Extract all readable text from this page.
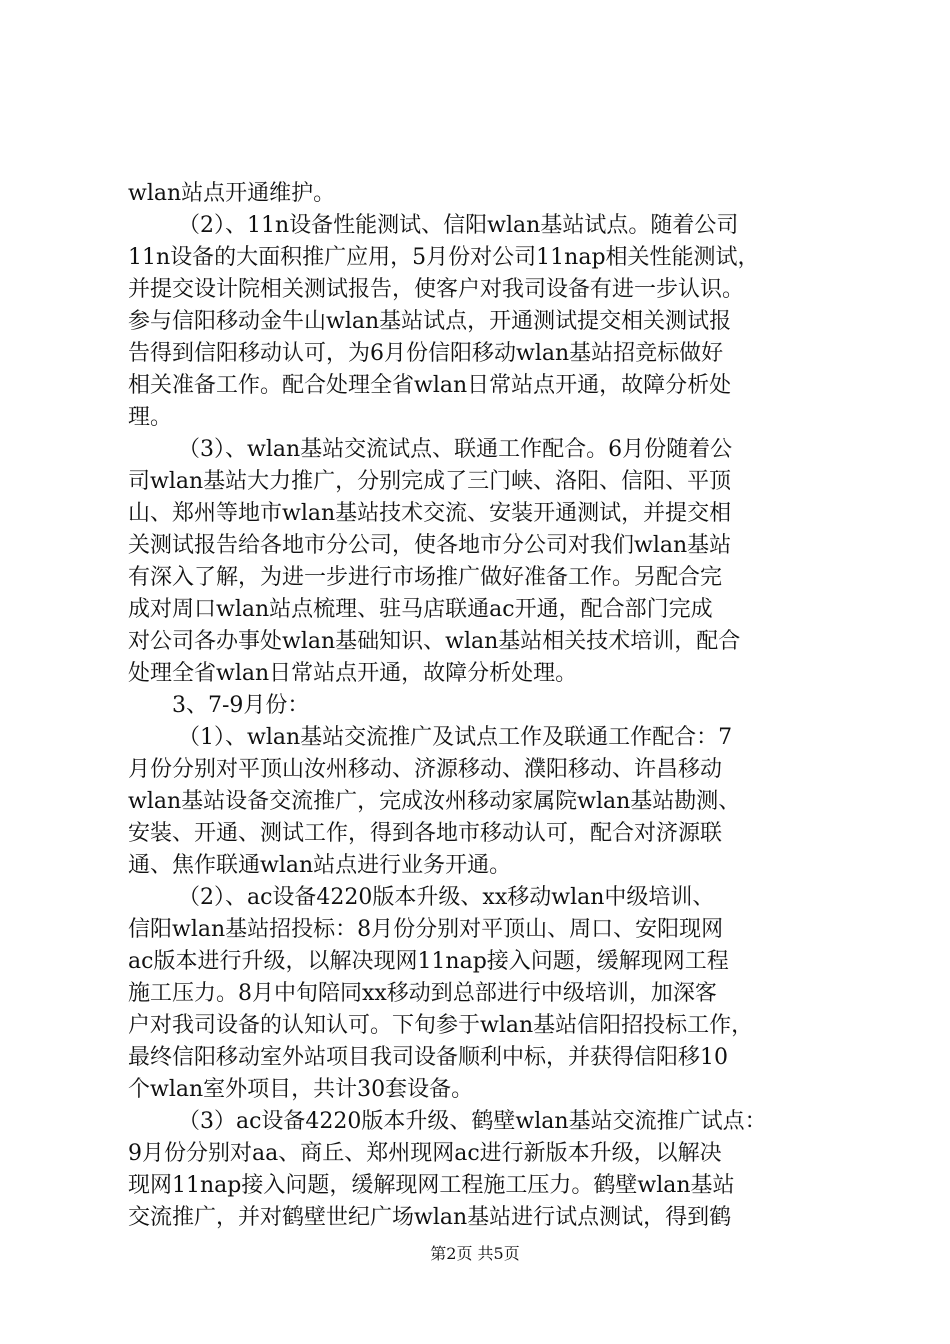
wlan站点开通维护。
（2）、11n设备性能测试、信阳wlan基站试点。随着公司
11n设备的大面积推广应用，5月份对公司11nap相关性能测试，
并提交设计院相关测试报告，使客户对我司设备有进一步认识。
参与信阳移动金牛山wlan基站试点，开通测试提交相关测试报
告得到信阳移动认可，为6月份信阳移动wlan基站招竞标做好
相关准备工作。配合处理全省wlan日常站点开通，故障分析处
理。
（3）、wlan基站交流试点、联通工作配合。6月份随着公
司wlan基站大力推广，分别完成了三门峡、洛阳、信阳、平顶
山、郑州等地市wlan基站技术交流、安装开通测试，并提交相
关测试报告给各地市分公司，使各地市分公司对我们wlan基站
有深入了解，为进一步进行市场推广做好准备工作。另配合完
成对周口wlan站点梳理、驻马店联通ac开通，配合部门完成
对公司各办事处wlan基础知识、wlan基站相关技术培训，配合
处理全省wlan日常站点开通，故障分析处理。
3、7-9月份：
（1）、wlan基站交流推广及试点工作及联通工作配合：7
月份分别对平顶山汝州移动、济源移动、濮阳移动、许昌移动
wlan基站设备交流推广，完成汝州移动家属院wlan基站勘测、
安装、开通、测试工作，得到各地市移动认可，配合对济源联
通、焦作联通wlan站点进行业务开通。
（2）、ac设备4220版本升级、xx移动wlan中级培训、
信阳wlan基站招投标：8月份分别对平顶山、周口、安阳现网
ac版本进行升级，以解决现网11nap接入问题，缓解现网工程
施工压力。8月中旬陪同xx移动到总部进行中级培训，加深客
户对我司设备的认知认可。下旬参于wlan基站信阳招投标工作，
最终信阳移动室外站项目我司设备顺利中标，并获得信阳移10
个wlan室外项目，共计30套设备。
（3）ac设备4220版本升级、鹤壁wlan基站交流推广试点：
9月份分别对aa、商丘、郑州现网ac进行新版本升级，以解决
现网11nap接入问题，缓解现网工程施工压力。鹤壁wlan基站
交流推广，并对鹤壁世纪广场wlan基站进行试点测试，得到鹤
第2页 共5页
